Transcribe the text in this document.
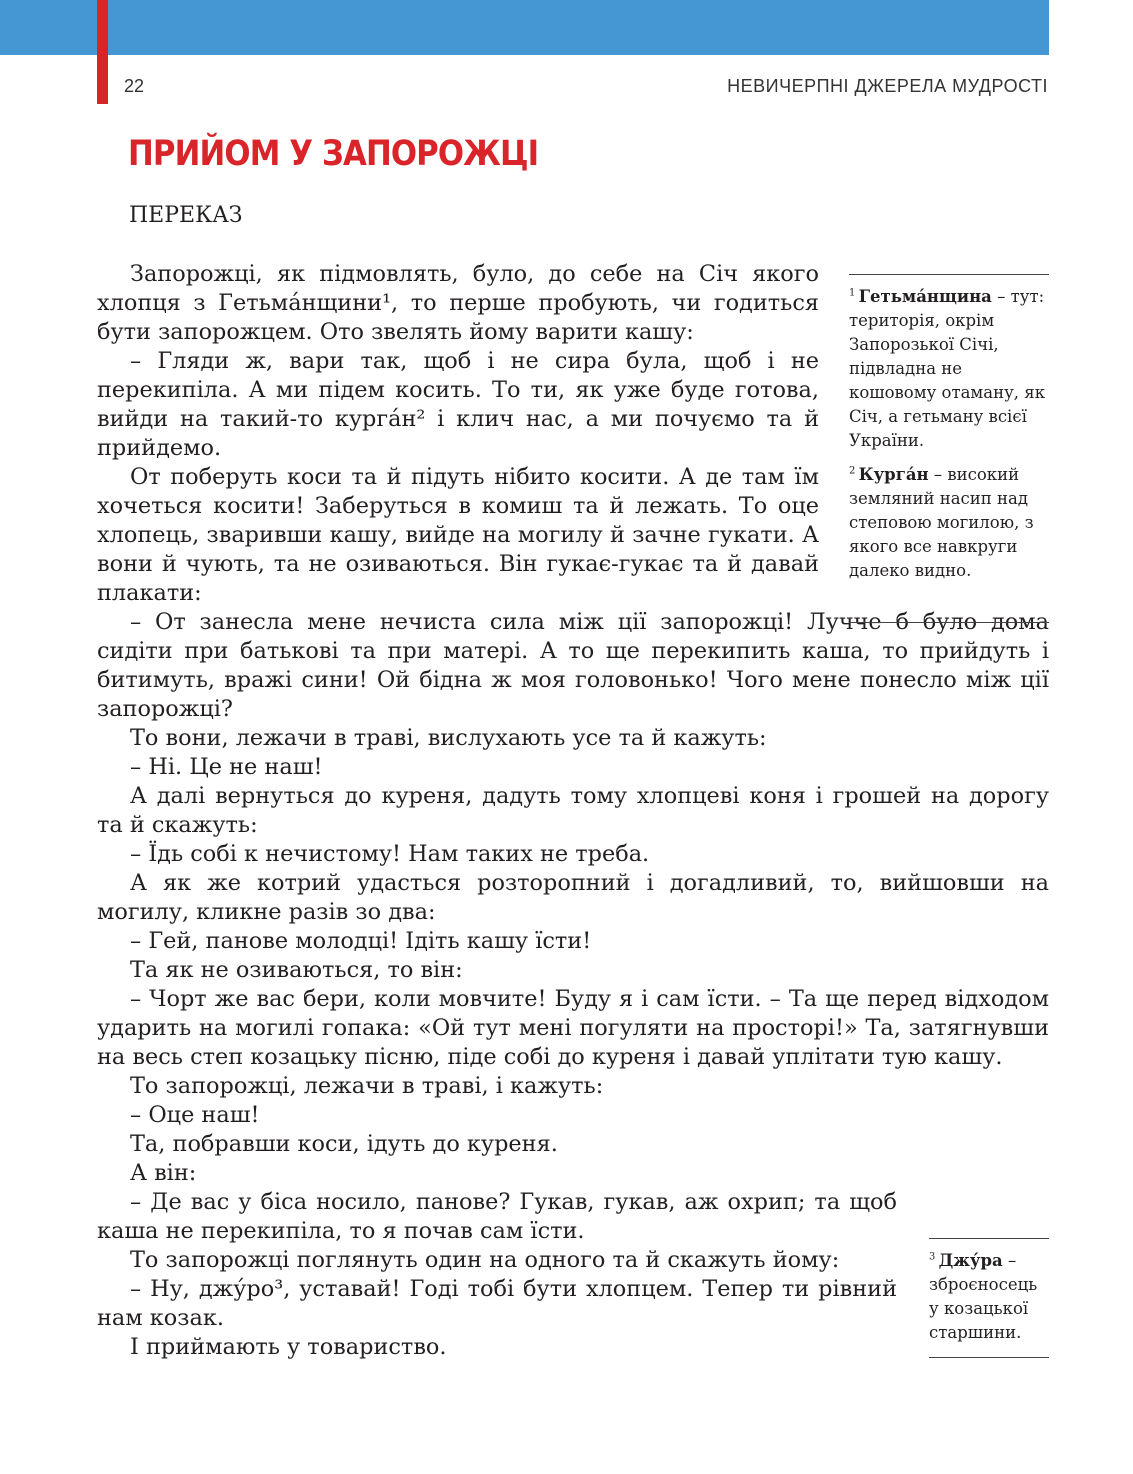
22	НЕВИЧЕРПНІ ДЖЕРЕЛА МУДРОСТІ
ПРИЙОМ У ЗАПОРОЖЦІ
ПЕРЕКАЗ

Запорожці, як підмовлять, було, до себе на Січ якого хлопця з Гетьма́нщини¹, то перше пробують, чи годиться бути запорожцем. Ото звелять йому варити кашу:

– Гляди ж, вари так, щоб і не сира була, щоб і не перекипіла. А ми підем косить. То ти, як уже буде готова, вийди на такий-то курга́н² і клич нас, а ми почуємо та й прийдемо.

От поберуть коси та й підуть нібито косити. А де там їм хочеться косити! Заберуться в комиш та й лежать. То оце хлопець, зваривши кашу, вийде на могилу й зачне гукати. А вони й чують, та не озиваються. Він гукає-гукає та й давай плакати:

– От занесла мене нечиста сила між ції запорожці! Лучче б було дома сидіти при батькові та при матері. А то ще перекипить каша, то прийдуть і битимуть, вражі сини! Ой бідна ж моя головонько! Чого мене понесло між ції запорожці?

То вони, лежачи в траві, вислухають усе та й кажуть:

– Ні. Це не наш!

А далі вернуться до куреня, дадуть тому хлопцеві коня і грошей на дорогу та й скажуть:

– Їдь собі к нечистому! Нам таких не треба.

А як же котрий удасться розторопний і догадливий, то, вийшовши на могилу, кликне разів зо два:

– Гей, панове молодці! Ідіть кашу їсти!

Та як не озиваються, то він:

– Чорт же вас бери, коли мовчите! Буду я і сам їсти. – Та ще перед відходом ударить на могилі гопака: «Ой тут мені погуляти на просторі!» Та, затягнувши на весь степ козацьку пісню, піде собі до куреня і давай уплітати тую кашу.

То запорожці, лежачи в траві, і кажуть:

– Оце наш!

Та, побравши коси, ідуть до куреня.

А він:

– Де вас у біса носило, панове? Гукав, гукав, аж охрип; та щоб каша не перекипіла, то я почав сам їсти.

То запорожці поглянуть один на одного та й скажуть йому:

– Ну, джу́ро³, уставай! Годі тобі бути хлопцем. Тепер ти рівний нам козак.

І приймають у товариство.

$^1$  Гетьма́нщина – тут: територія, окрім Запорозької Січі, підвладна не кошовому отаману, як Січ, а гетьману всієї України.

$^2$  Курга́н – високий земляний насип над степовою могилою, з якого все навкруги далеко видно.

$^3$  Джу́ра – зброєносець у козацької старшини.
